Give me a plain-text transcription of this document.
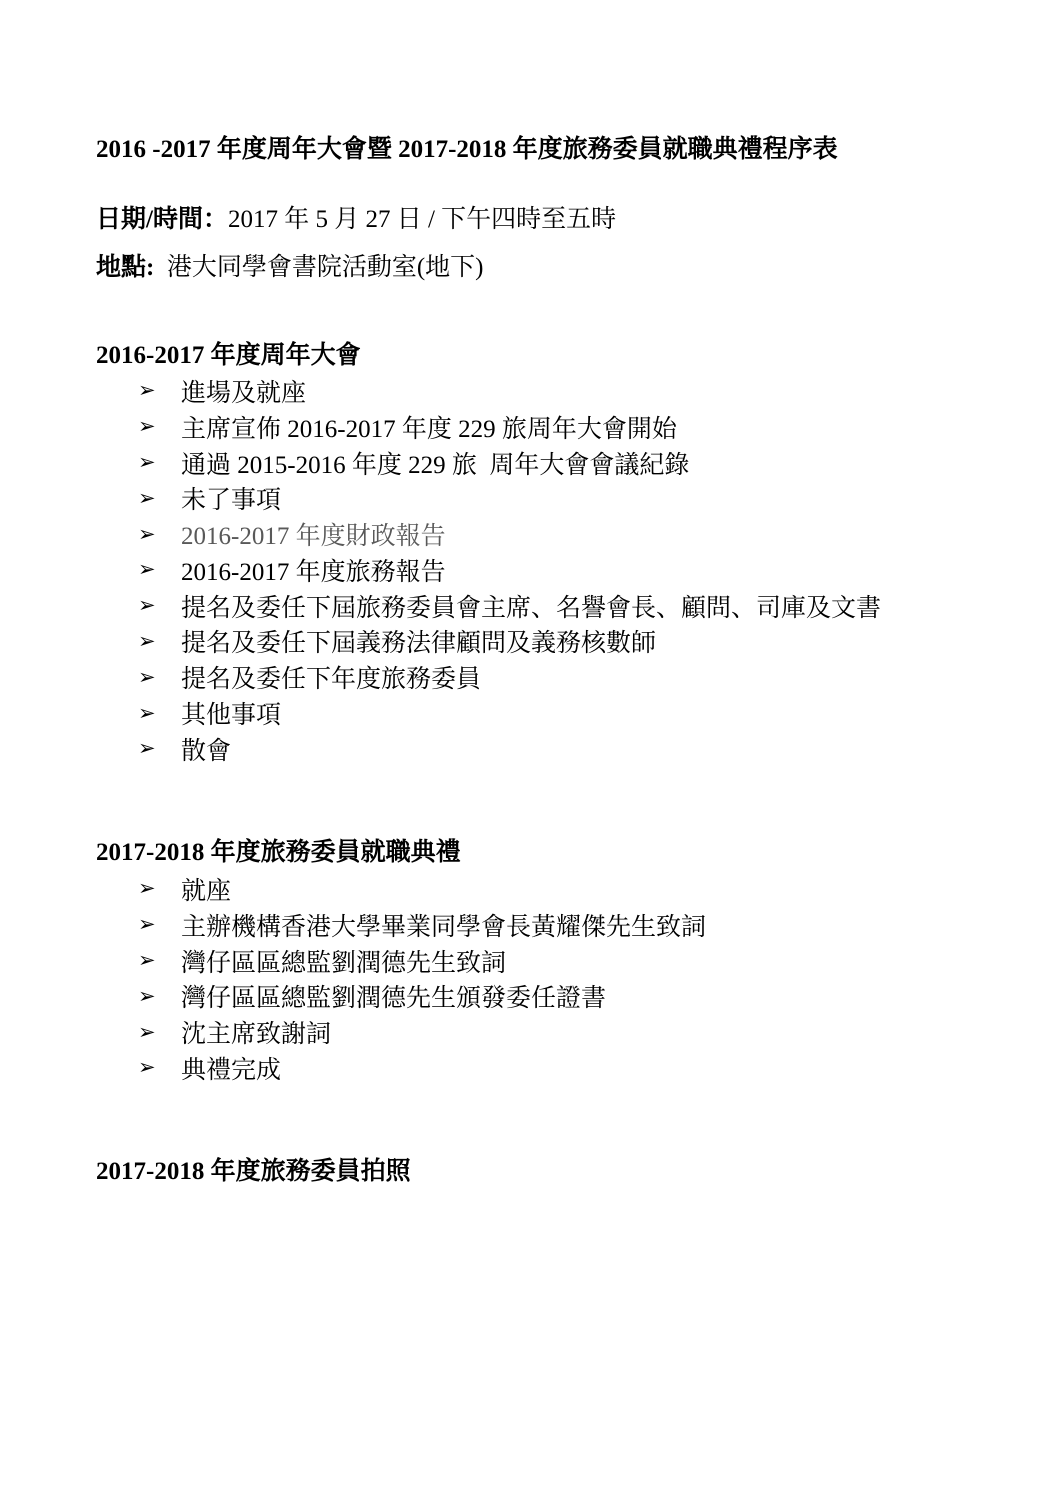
2016 -2017 年度周年大會暨 2017-2018 年度旅務委員就職典禮程序表
日期/時間：2017 年 5 月 27 日 / 下午四時至五時
地點:  港大同學會書院活動室(地下)
2016-2017 年度周年大會
➢	進場及就座
➢	主席宣佈 2016-2017 年度 229 旅周年大會開始
➢	通過 2015-2016 年度 229 旅  周年大會會議紀錄
➢	未了事項
➢	2016-2017 年度財政報告
➢	2016-2017 年度旅務報告
➢	提名及委任下屆旅務委員會主席、名譽會長、顧問、司庫及文書
➢	提名及委任下屆義務法律顧問及義務核數師
➢	提名及委任下年度旅務委員
➢	其他事項
➢	散會
2017-2018 年度旅務委員就職典禮
➢	就座
➢	主辦機構香港大學畢業同學會長黃耀傑先生致詞
➢	灣仔區區總監劉潤德先生致詞
➢	灣仔區區總監劉潤德先生頒發委任證書
➢	沈主席致謝詞
➢	典禮完成
2017-2018 年度旅務委員拍照
